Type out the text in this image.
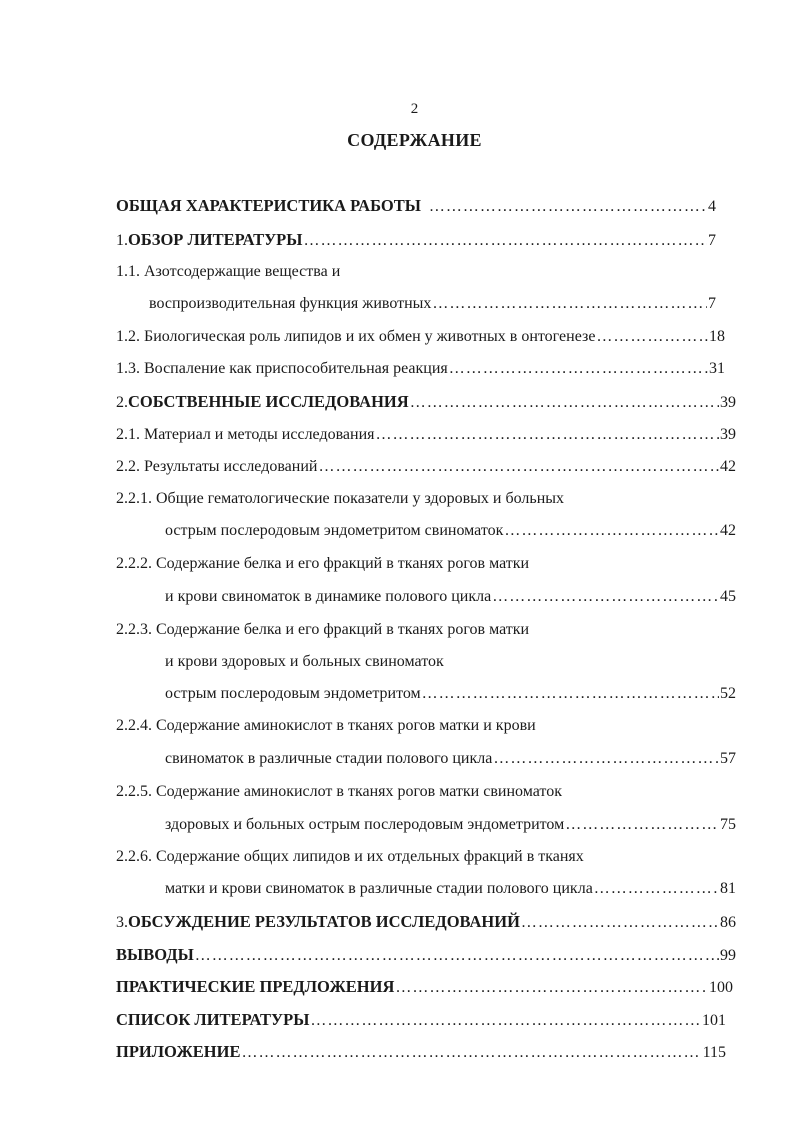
2
СОДЕРЖАНИЕ
ОБЩАЯ ХАРАКТЕРИСТИКА РАБОТЫ …………………………………………………………………………………………………………………………………………………………………………………………	4
1. ОБЗОР ЛИТЕРАТУРЫ …………………………………………………………………………………………………………………………………………………………………………………………	7
1.1. Азотсодержащие вещества и
воспроизводительная функция животных …………………………………………………………………………………………………………………………………………………………………………………………	7
1.2. Биологическая роль липидов и их обмен у животных в онтогенезе …………………………………………………………………………………………………………………………………………………………………………………………	18
1.3. Воспаление как приспособительная реакция …………………………………………………………………………………………………………………………………………………………………………………………	31
2. СОБСТВЕННЫЕ ИССЛЕДОВАНИЯ …………………………………………………………………………………………………………………………………………………………………………………………	39
2.1. Материал и методы исследования …………………………………………………………………………………………………………………………………………………………………………………………	39
2.2. Результаты исследований …………………………………………………………………………………………………………………………………………………………………………………………	42
2.2.1. Общие гематологические показатели у здоровых и больных
острым послеродовым эндометритом свиноматок …………………………………………………………………………………………………………………………………………………………………………………………	42
2.2.2. Содержание белка и его фракций в тканях рогов матки
и крови свиноматок в динамике полового цикла …………………………………………………………………………………………………………………………………………………………………………………………	45
2.2.3. Содержание белка и его фракций в тканях рогов матки
и крови здоровых и больных свиноматок
острым послеродовым эндометритом …………………………………………………………………………………………………………………………………………………………………………………………	52
2.2.4. Содержание аминокислот в тканях рогов матки и крови
свиноматок в различные стадии полового цикла …………………………………………………………………………………………………………………………………………………………………………………………	57
2.2.5. Содержание аминокислот в тканях рогов матки свиноматок
здоровых и больных острым послеродовым эндометритом …………………………………………………………………………………………………………………………………………………………………………………………	75
2.2.6. Содержание общих липидов и их отдельных фракций в тканях
матки и крови свиноматок в различные стадии полового цикла …………………………………………………………………………………………………………………………………………………………………………………………	81
3. ОБСУЖДЕНИЕ РЕЗУЛЬТАТОВ ИССЛЕДОВАНИЙ …………………………………………………………………………………………………………………………………………………………………………………………	86
ВЫВОДЫ …………………………………………………………………………………………………………………………………………………………………………………………	99
ПРАКТИЧЕСКИЕ ПРЕДЛОЖЕНИЯ …………………………………………………………………………………………………………………………………………………………………………………………	100
СПИСОК ЛИТЕРАТУРЫ …………………………………………………………………………………………………………………………………………………………………………………………	101
ПРИЛОЖЕНИЕ …………………………………………………………………………………………………………………………………………………………………………………………	115
